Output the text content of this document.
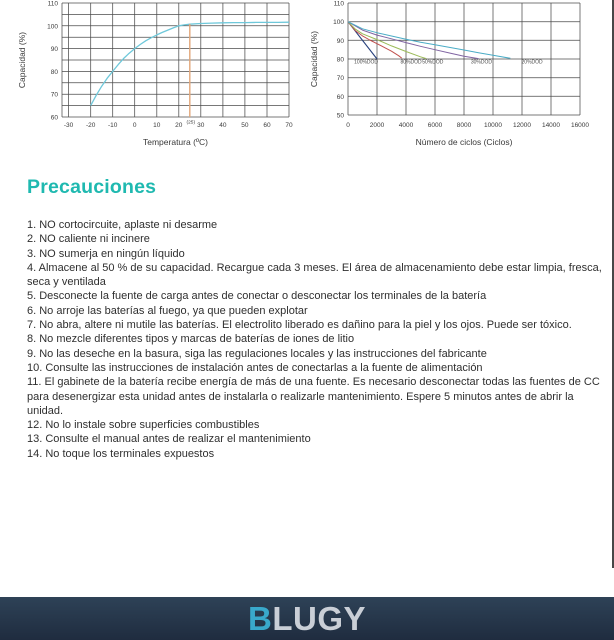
110
100
90
80
70
60
-30 -20 -10 0	10 20 30 40 50 60 70
(25)
Temperatura (ºC)
Capacidad (%)
110
100
90
80
70
60
50
0	2000 4000 6000 8000 10000 12000 14000 16000
100%DOD	80%DOD 50%DOD	30%DOD	20%DOD
Número de ciclos (Ciclos)
Capacidad (%)
Precauciones
1. NO cortocircuite, aplaste ni desarme
2. NO caliente ni incinere
3. NO sumerja en ningún líquido
4. Almacene al 50 % de su capacidad. Recargue cada 3 meses. El área de almacenamiento debe estar limpia, fresca, seca y ventilada
5. Desconecte la fuente de carga antes de conectar o desconectar los terminales de la batería
6. No arroje las baterías al fuego, ya que pueden explotar
7. No abra, altere ni mutile las baterías. El electrolito liberado es dañino para la piel y los ojos. Puede ser tóxico.
8. No mezcle diferentes tipos y marcas de baterías de iones de litio
9. No las deseche en la basura, siga las regulaciones locales y las instrucciones del fabricante
10. Consulte las instrucciones de instalación antes de conectarlas a la fuente de alimentación
11. El gabinete de la batería recibe energía de más de una fuente. Es necesario desconectar todas las fuentes de CC para desenergizar esta unidad antes de instalarla o realizarle mantenimiento. Espere 5 minutos antes de abrir la unidad.
12. No lo instale sobre superficies combustibles
13. Consulte el manual antes de realizar el mantenimiento
14. No toque los terminales expuestos
BLUGY
